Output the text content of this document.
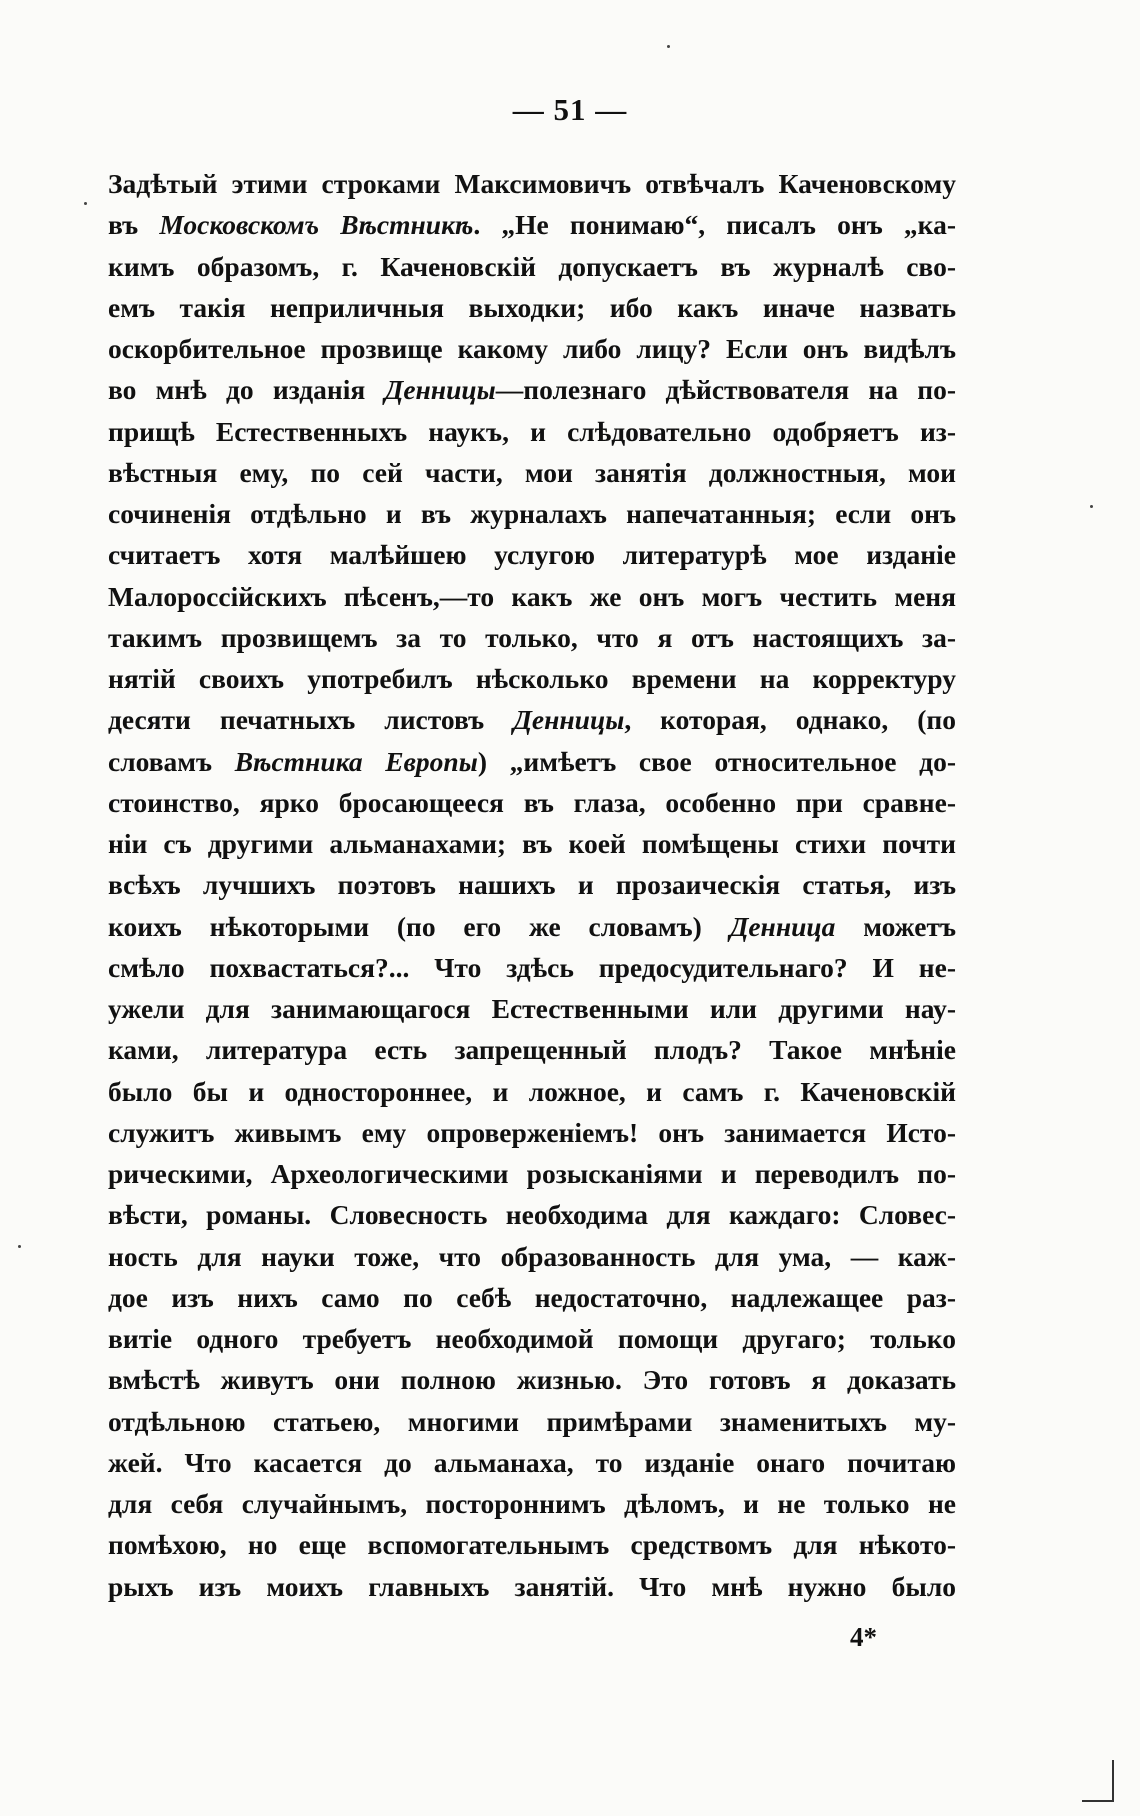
— 51 —
Задѣтый этими строками Максимовичъ отвѣчалъ Каченовскому
въ Московскомъ Вѣстникѣ. „Не понимаю“, писалъ онъ „ка-
кимъ образомъ, г. Каченовскій допускаетъ въ журналѣ сво-
емъ такія неприличныя выходки; ибо какъ иначе назвать
оскорбительное прозвище какому либо лицу? Если онъ видѣлъ
во мнѣ до изданія Денницы—полезнаго дѣйствователя на по-
прищѣ Естественныхъ наукъ, и слѣдовательно одобряетъ из-
вѣстныя ему, по сей части, мои занятія должностныя, мои
сочиненія отдѣльно и въ журналахъ напечатанныя; если онъ
считаетъ хотя малѣйшею услугою литературѣ мое изданіе
Малороссійскихъ пѣсенъ,—то какъ же онъ могъ честить меня
такимъ прозвищемъ за то только, что я отъ настоящихъ за-
нятій своихъ употребилъ нѣсколько времени на корректуру
десяти печатныхъ листовъ Денницы, которая, однако, (по
словамъ Вѣстника Европы) „имѣетъ свое относительное до-
стоинство, ярко бросающееся въ глаза, особенно при сравне-
ніи съ другими альманахами; въ коей помѣщены стихи почти
всѣхъ лучшихъ поэтовъ нашихъ и прозаическія статья, изъ
коихъ нѣкоторыми (по его же словамъ) Денница можетъ
смѣло похвастаться?... Что здѣсь предосудительнаго? И не-
ужели для занимающагося Естественными или другими нау-
ками, литература есть запрещенный плодъ? Такое мнѣніе
было бы и одностороннее, и ложное, и самъ г. Каченовскій
служитъ живымъ ему опроверженіемъ! онъ занимается Исто-
рическими, Археологическими розысканіями и переводилъ по-
вѣсти, романы. Словесность необходима для каждаго: Словес-
ность для науки тоже, что образованность для ума, — каж-
дое изъ нихъ само по себѣ недостаточно, надлежащее раз-
витіе одного требуетъ необходимой помощи другаго; только
вмѣстѣ живутъ они полною жизнью. Это готовъ я доказать
отдѣльною статьею, многими примѣрами знаменитыхъ му-
жей. Что касается до альманаха, то изданіе онаго почитаю
для себя случайнымъ, постороннимъ дѣломъ, и не только не
помѣхою, но еще вспомогательнымъ средствомъ для нѣкото-
рыхъ изъ моихъ главныхъ занятій. Что мнѣ нужно было
4*
